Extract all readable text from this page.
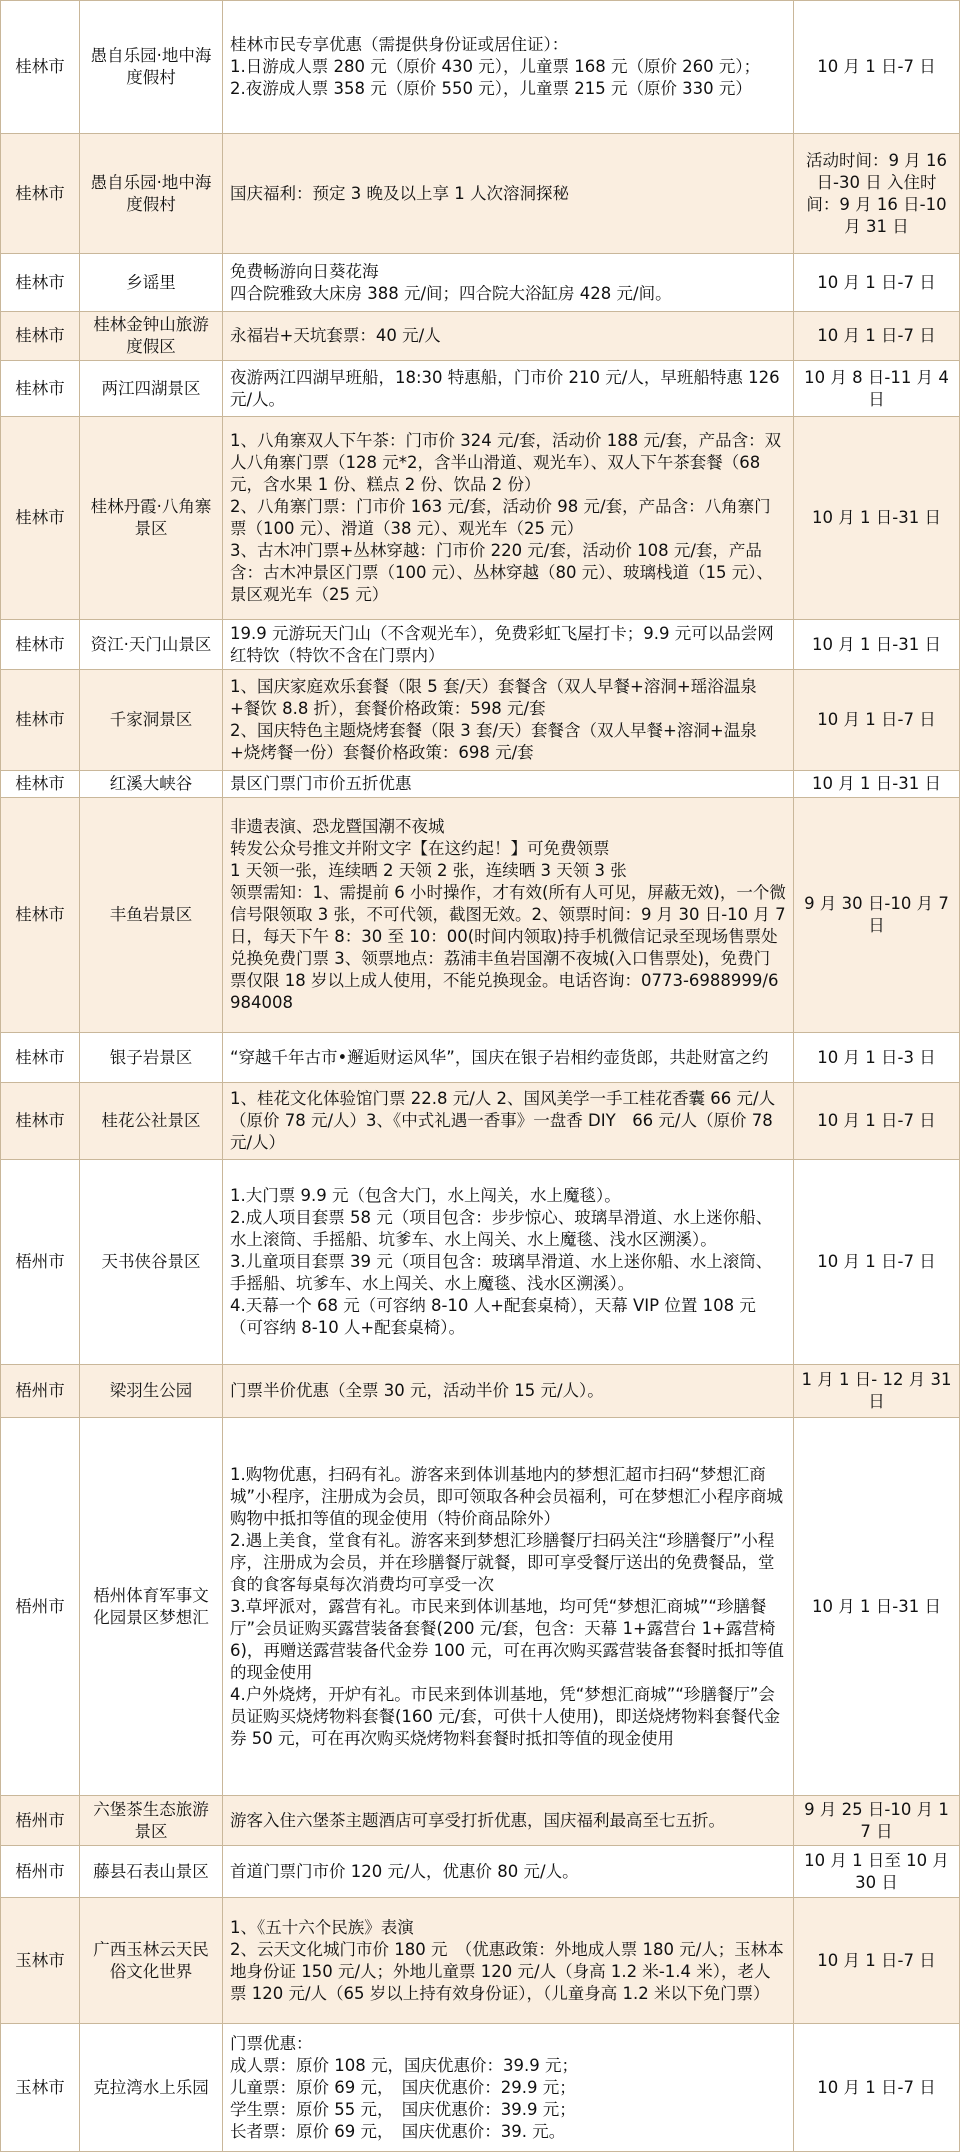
桂林市	愚自乐园·地中海度假村	桂林市民专享优惠（需提供身份证或居住证）：
1.日游成人票 280 元（原价 430 元），儿童票 168 元（原价 260 元）；
2.夜游成人票 358 元（原价 550 元），儿童票 215 元（原价 330 元）	10 月 1 日-7 日
桂林市	愚自乐园·地中海度假村	国庆福利：预定 3 晚及以上享 1 人次溶洞探秘	活动时间：9 月 16 日-30 日 入住时间：9 月 16 日-10 月 31 日
桂林市	乡谣里	免费畅游向日葵花海
四合院雅致大床房 388 元/间；四合院大浴缸房 428 元/间。	10 月 1 日-7 日
桂林市	桂林金钟山旅游度假区	永福岩+天坑套票：40 元/人	10 月 1 日-7 日
桂林市	两江四湖景区	夜游两江四湖早班船，18:30 特惠船，门市价 210 元/人，早班船特惠 126 元/人。	10 月 8 日-11 月 4 日
桂林市	桂林丹霞·八角寨景区	1、八角寨双人下午茶：门市价 324 元/套，活动价 188 元/套，产品含：双人八角寨门票（128 元*2，含半山滑道、观光车）、双人下午茶套餐（68 元，含水果 1 份、糕点 2 份、饮品 2 份）
2、八角寨门票：门市价 163 元/套，活动价 98 元/套，产品含：八角寨门票（100 元）、滑道（38 元）、观光车（25 元）
3、古木冲门票+丛林穿越：门市价 220 元/套，活动价 108 元/套，产品含：古木冲景区门票（100 元）、丛林穿越（80 元）、玻璃栈道（15 元）、景区观光车（25 元）	10 月 1 日-31 日
桂林市	资江·天门山景区	19.9 元游玩天门山（不含观光车），免费彩虹飞屋打卡；9.9 元可以品尝网红特饮（特饮不含在门票内）	10 月 1 日-31 日
桂林市	千家洞景区	1、国庆家庭欢乐套餐（限 5 套/天）套餐含（双人早餐+溶洞+瑶浴温泉+餐饮 8.8 折），套餐价格政策：598 元/套
2、国庆特色主题烧烤套餐（限 3 套/天）套餐含（双人早餐+溶洞+温泉+烧烤餐一份）套餐价格政策：698 元/套	10 月 1 日-7 日
桂林市	红溪大峡谷	景区门票门市价五折优惠	10 月 1 日-31 日
桂林市	丰鱼岩景区	非遗表演、恐龙暨国潮不夜城
转发公众号推文并附文字【在这约起！】可免费领票
1 天领一张，连续晒 2 天领 2 张，连续晒 3 天领 3 张
领票需知：1、需提前 6 小时操作，才有效(所有人可见，屏蔽无效)，一个微信号限领取 3 张，不可代领，截图无效。2、领票时间：9 月 30 日-10 月 7 日，每天下午 8：30 至 10：00(时间内领取)持手机微信记录至现场售票处兑换免费门票 3、领票地点：荔浦丰鱼岩国潮不夜城(入口售票处)，免费门票仅限 18 岁以上成人使用，不能兑换现金。电话咨询：0773-6988999/6984008	9 月 30 日-10 月 7 日
桂林市	银子岩景区	“穿越千年古市•邂逅财运风华”，国庆在银子岩相约壶货郎，共赴财富之约	10 月 1 日-3 日
桂林市	桂花公社景区	1、桂花文化体验馆门票 22.8 元/人 2、国风美学一手工桂花香囊 66 元/人（原价 78 元/人）3、《中式礼遇一香事》一盘香 DIY　66 元/人（原价 78 元/人）	10 月 1 日-7 日
梧州市	天书侠谷景区	1.大门票 9.9 元（包含大门，水上闯关，水上魔毯）。
2.成人项目套票 58 元（项目包含：步步惊心、玻璃旱滑道、水上迷你船、水上滚筒、手摇船、坑爹车、水上闯关、水上魔毯、浅水区溯溪）。
3.儿童项目套票 39 元（项目包含：玻璃旱滑道、水上迷你船、水上滚筒、手摇船、坑爹车、水上闯关、水上魔毯、浅水区溯溪）。
4.天幕一个 68 元（可容纳 8-10 人+配套桌椅），天幕 VIP 位置 108 元（可容纳 8-10 人+配套桌椅）。	10 月 1 日-7 日
梧州市	梁羽生公园	门票半价优惠（全票 30 元，活动半价 15 元/人）。	1 月 1 日- 12 月 31 日
梧州市	梧州体育军事文化园景区梦想汇	1.购物优惠，扫码有礼。游客来到体训基地内的梦想汇超市扫码“梦想汇商城”小程序，注册成为会员，即可领取各种会员福利，可在梦想汇小程序商城购物中抵扣等值的现金使用（特价商品除外）
2.遇上美食，堂食有礼。游客来到梦想汇珍膳餐厅扫码关注“珍膳餐厅”小程序，注册成为会员，并在珍膳餐厅就餐，即可享受餐厅送出的免费餐品，堂食的食客每桌每次消费均可享受一次
3.草坪派对，露营有礼。市民来到体训基地，均可凭“梦想汇商城”“珍膳餐厅”会员证购买露营装备套餐(200 元/套，包含：天幕 1+露营台 1+露营椅 6)，再赠送露营装备代金券 100 元，可在再次购买露营装备套餐时抵扣等值的现金使用
4.户外烧烤，开炉有礼。市民来到体训基地，凭“梦想汇商城”“珍膳餐厅”会员证购买烧烤物料套餐(160 元/套，可供十人使用)，即送烧烤物料套餐代金券 50 元，可在再次购买烧烤物料套餐时抵扣等值的现金使用	10 月 1 日-31 日
梧州市	六堡茶生态旅游景区	游客入住六堡茶主题酒店可享受打折优惠，国庆福利最高至七五折。	9 月 25 日-10 月 17 日
梧州市	藤县石表山景区	首道门票门市价 120 元/人，优惠价 80 元/人。	10 月 1 日至 10 月 30 日
玉林市	广西玉林云天民俗文化世界	1、《五十六个民族》表演
2、云天文化城门市价 180 元　（优惠政策：外地成人票 180 元/人；玉林本地身份证 150 元/人；外地儿童票 120 元/人（身高 1.2 米-1.4 米），老人票 120 元/人（65 岁以上持有效身份证），（儿童身高 1.2 米以下免门票）	10 月 1 日-7 日
玉林市	克拉湾水上乐园	门票优惠：
成人票：原价 108 元，国庆优惠价：39.9 元；
儿童票：原价 69 元，　国庆优惠价：29.9 元；
学生票：原价 55 元，　国庆优惠价：39.9 元；
长者票：原价 69 元，　国庆优惠价：39. 元。	10 月 1 日-7 日
